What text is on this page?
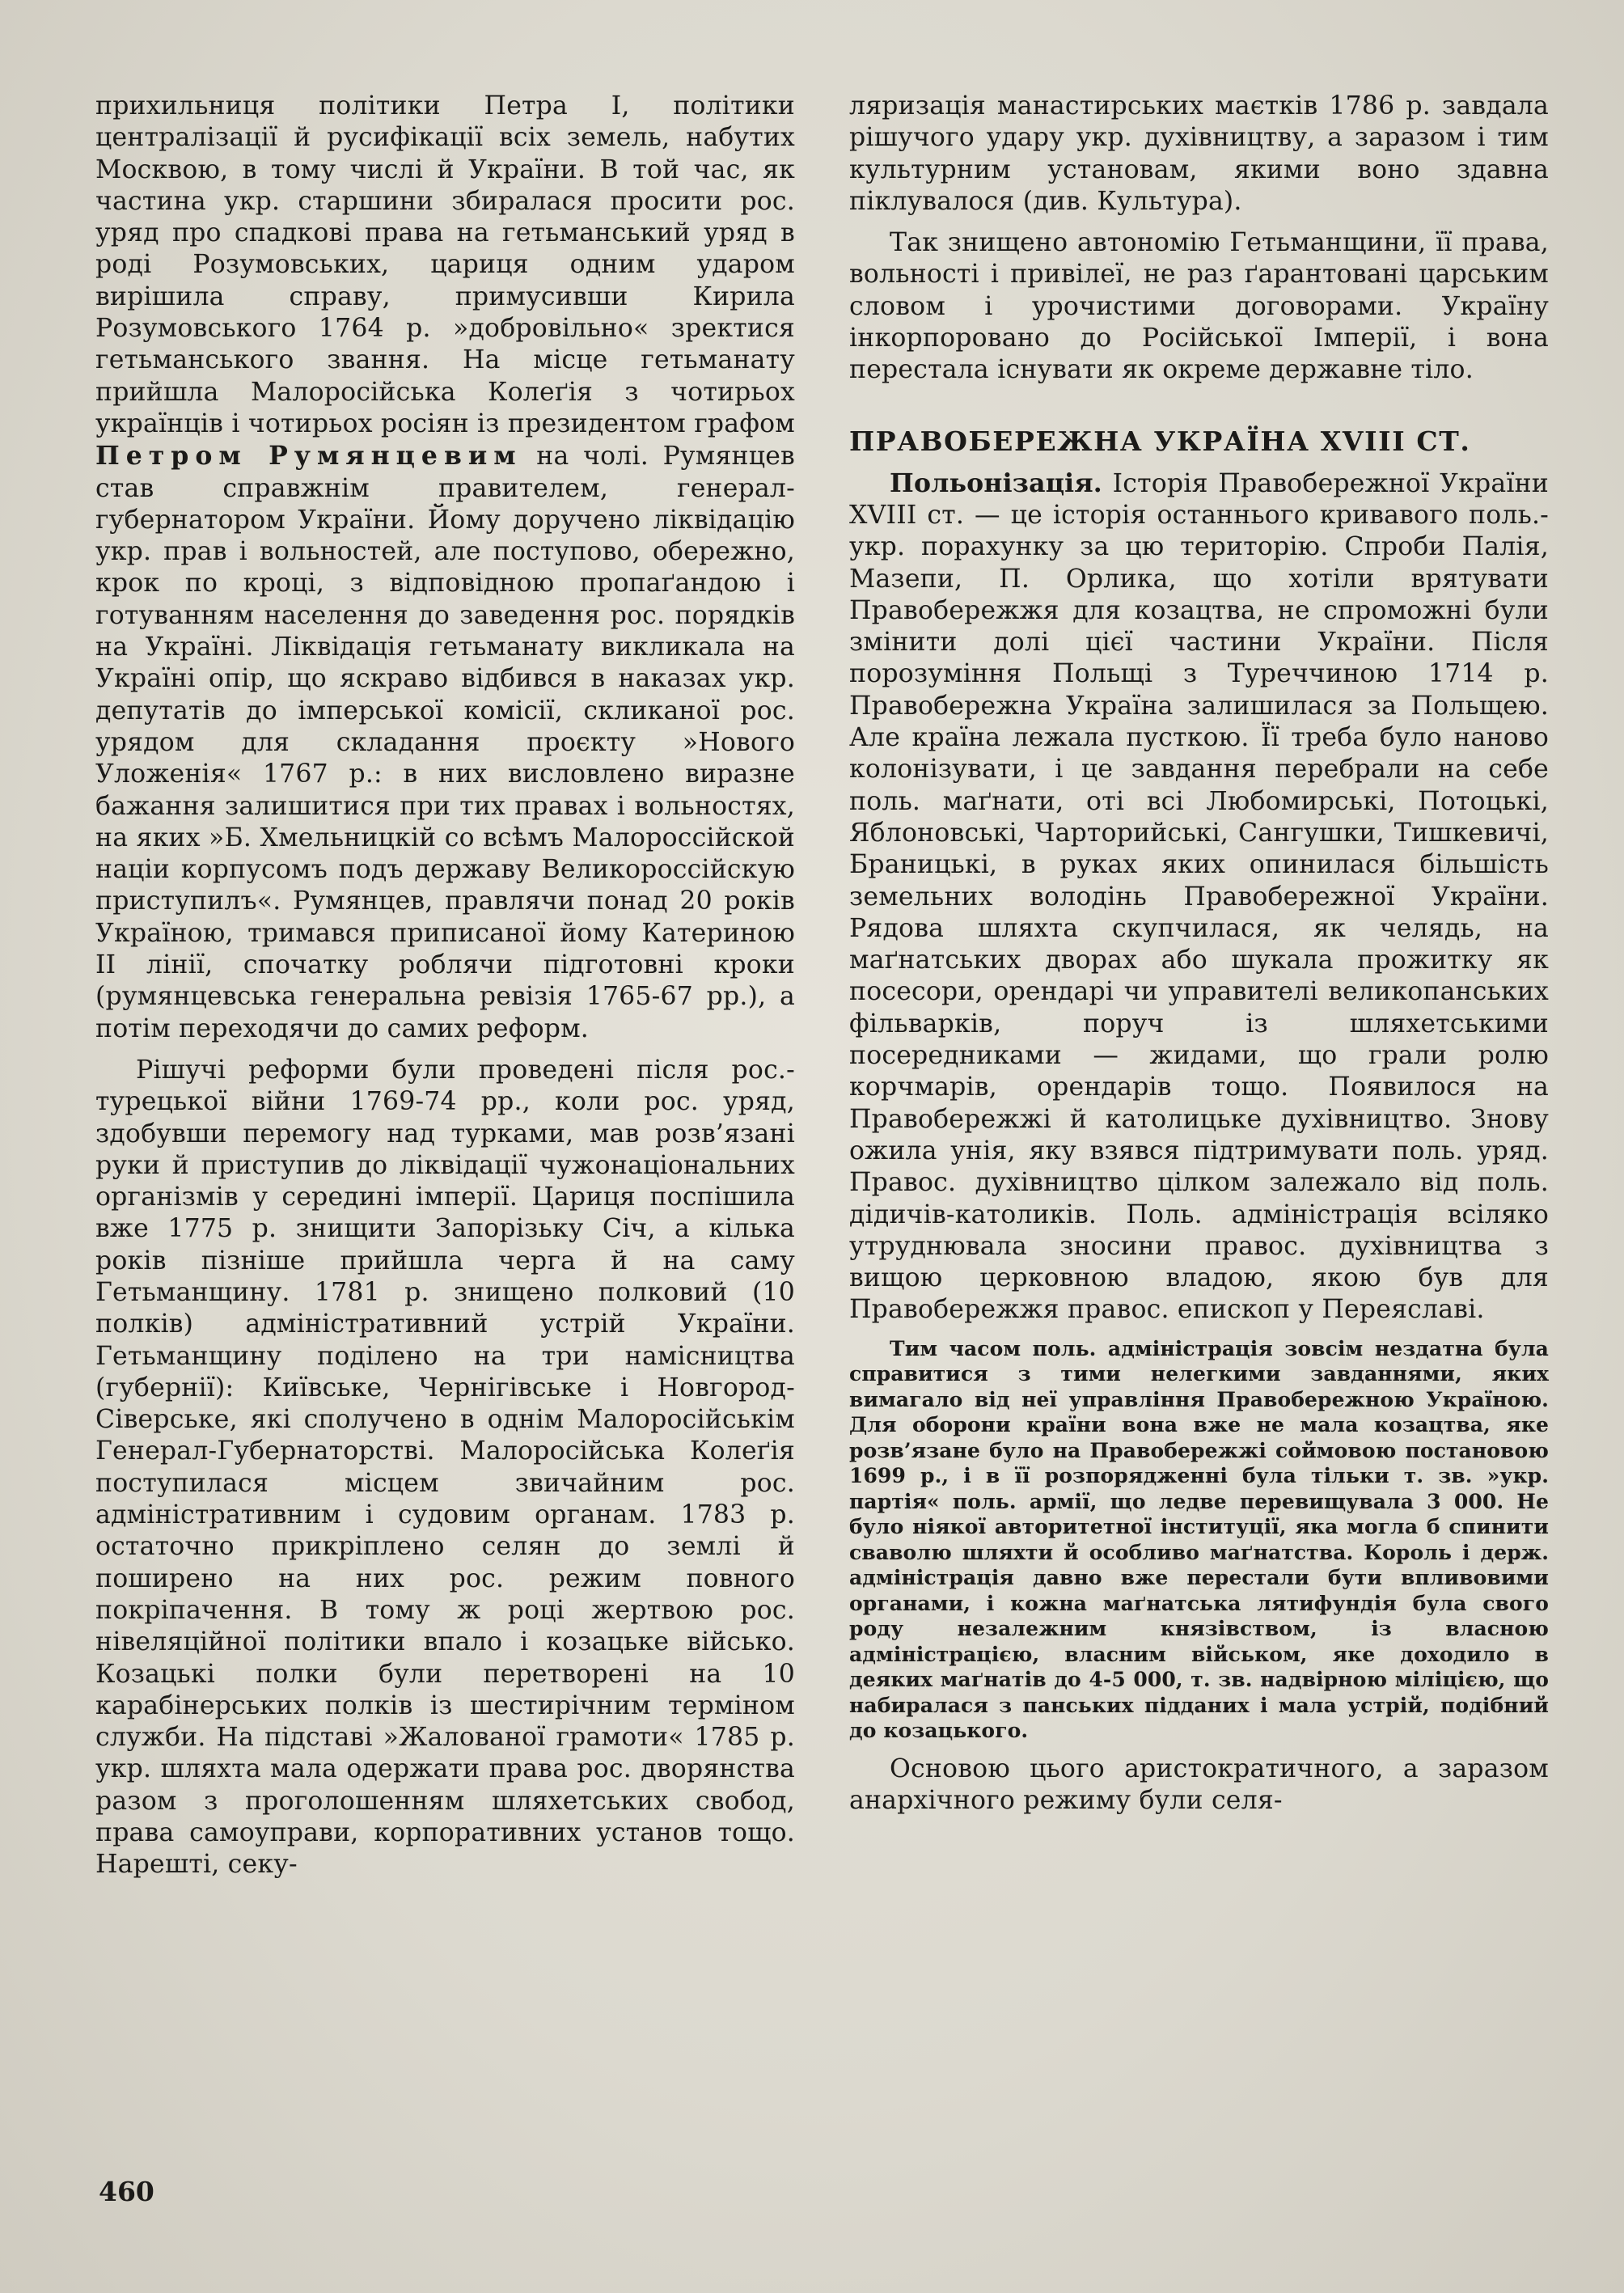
прихильниця політики Петра І, політики централізації й русифікації всіх земель, набутих Москвою, в тому числі й України. В той час, як частина укр. старшини збиралася просити рос. уряд про спадкові права на гетьманський уряд в роді Розумовських, цариця одним ударом вирішила справу, примусивши Кирила Розумовського 1764 р. »добровільно« зректися гетьманського звання. На місце гетьманату прийшла Малоросійська Колеґія з чотирьох українців і чотирьох росіян із президентом графом Петром Румянцевим на чолі. Румянцев став справжнім правителем, генерал-губернатором України. Йому доручено ліквідацію укр. прав і вольностей, але поступово, обережно, крок по кроці, з відповідною пропаґандою і готуванням населення до заведення рос. порядків на Україні. Ліквідація гетьманату викликала на Україні опір, що яскраво відбився в наказах укр. депутатів до імперської комісії, скликаної рос. урядом для складання проєкту »Нового Уложенія« 1767 р.: в них висловлено виразне бажання залишитися при тих правах і вольностях, на яких »Б. Хмельницкій со всѣмъ Малороссійской націи корпусомъ подъ державу Великороссійскую приступилъ«. Румянцев, правлячи понад 20 років Україною, тримався приписаної йому Катериною ІІ лінії, спочатку роблячи підготовні кроки (румянцевська генеральна ревізія 1765-67 рр.), а потім переходячи до самих реформ.

Рішучі реформи були проведені після рос.-турецької війни 1769-74 рр., коли рос. уряд, здобувши перемогу над турками, мав розв’язані руки й приступив до ліквідації чужонаціональних організмів у середині імперії. Цариця поспішила вже 1775 р. знищити Запорізьку Січ, а кілька років пізніше прийшла черга й на саму Гетьманщину. 1781 р. знищено полковий (10 полків) адміністративний устрій України. Гетьманщину поділено на три намісництва (губернії): Київське, Чернігівське і Новгород-Сіверське, які сполучено в однім Малоросійськім Генерал-Губернаторстві. Малоросійська Колеґія поступилася місцем звичайним рос. адміністративним і судовим органам. 1783 р. остаточно прикріплено селян до землі й поширено на них рос. режим повного покріпачення. В тому ж році жертвою рос. нівеляційної політики впало і козацьке військо. Козацькі полки були перетворені на 10 карабінерських полків із шестирічним терміном служби. На підставі »Жалованої грамоти« 1785 р. укр. шляхта мала одержати права рос. дворянства разом з проголошенням шляхетських свобод, права самоуправи, корпоративних установ тощо. Нарешті, секу-

ляризація манастирських маєтків 1786 р. завдала рішучого удару укр. духівництву, а заразом і тим культурним установам, якими воно здавна піклувалося (див. Культура).

Так знищено автономію Гетьманщини, її права, вольності і привілеї, не раз ґарантовані царським словом і урочистими договорами. Україну інкорпоровано до Російської Імперії, і вона перестала існувати як окреме державне тіло.

ПРАВОБЕРЕЖНА УКРАЇНА XVIII СТ.

Польонізація. Історія Правобережної України XVIII ст. — це історія останнього кривавого поль.-укр. порахунку за цю територію. Спроби Палія, Мазепи, П. Орлика, що хотіли врятувати Правобережжя для козацтва, не спроможні були змінити долі цієї частини України. Після порозуміння Польщі з Туреччиною 1714 р. Правобережна Україна залишилася за Польщею. Але країна лежала пусткою. Її треба було наново колонізувати, і це завдання перебрали на себе поль. маґнати, оті всі Любомирські, Потоцькі, Яблоновські, Чарторийські, Сангушки, Тишкевичі, Браницькі, в руках яких опинилася більшість земельних володінь Правобережної України. Рядова шляхта скупчилася, як челядь, на маґнатських дворах або шукала прожитку як посесори, орендарі чи управителі великопанських фільварків, поруч із шляхетськими посередниками — жидами, що грали ролю корчмарів, орендарів тощо. Появилося на Правобережжі й католицьке духівництво. Знову ожила унія, яку взявся підтримувати поль. уряд. Правос. духівництво цілком залежало від поль. дідичів-католиків. Поль. адміністрація всіляко утруднювала зносини правос. духівництва з вищою церковною владою, якою був для Правобережжя правос. епископ у Переяславі.

Тим часом поль. адміністрація зовсім нездатна була справитися з тими нелегкими завданнями, яких вимагало від неї управління Правобережною Україною. Для оборони країни вона вже не мала козацтва, яке розв’язане було на Правобережжі соймовою постановою 1699 р., і в її розпорядженні була тільки т. зв. »укр. партія« поль. армії, що ледве перевищувала 3 000. Не було ніякої авторитетної інституції, яка могла б спинити сваволю шляхти й особливо маґнатства. Король і держ. адміністрація давно вже перестали бути впливовими органами, і кожна маґнатська лятифундія була свого роду незалежним князівством, із власною адміністрацією, власним військом, яке доходило в деяких маґнатів до 4-5 000, т. зв. надвірною міліцією, що набиралася з панських підданих і мала устрій, подібний до козацького.

Основою цього аристократичного, а заразом анархічного режиму були селя-

460
